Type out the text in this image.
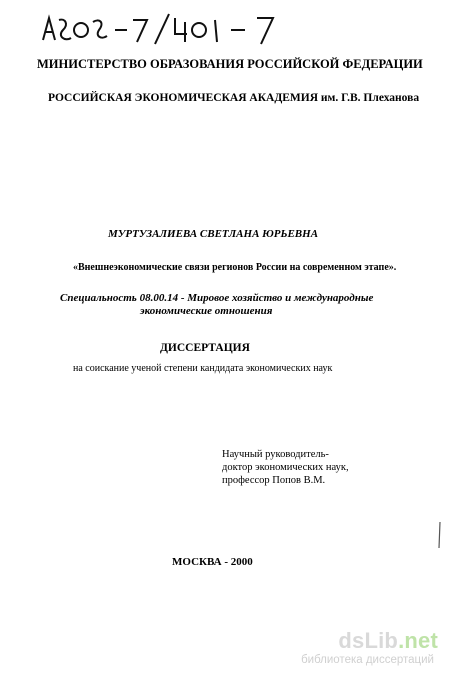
МИНИСТЕРСТВО ОБРАЗОВАНИЯ РОССИЙСКОЙ ФЕДЕРАЦИИ
РОССИЙСКАЯ ЭКОНОМИЧЕСКАЯ АКАДЕМИЯ им. Г.В. Плеханова
МУРТУЗАЛИЕВА СВЕТЛАНА ЮРЬЕВНА
«Внешнеэкономические связи регионов России на современном этапе».
Специальность 08.00.14 - Мировое хозяйство и международные
экономические отношения
ДИССЕРТАЦИЯ
на соискание ученой степени кандидата экономических наук
Научный руководитель-
доктор экономических наук,
профессор Попов В.М.
МОСКВА - 2000
dsLib.net
библиотека диссертаций
